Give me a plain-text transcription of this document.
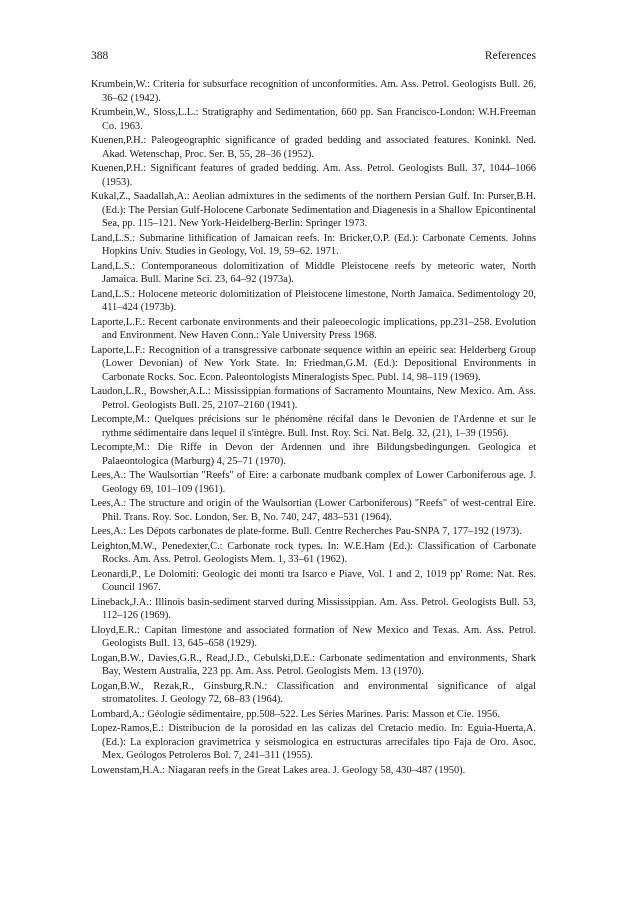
388	References
Krumbein,W.: Criteria for subsurface recognition of unconformities. Am. Ass. Petrol. Geologists Bull. 26, 36–62 (1942).
Krumbein,W., Sloss,L.L.: Stratigraphy and Sedimentation, 660 pp. San Francisco-London: W.H.Freeman Co. 1963.
Kuenen,P.H.: Paleogeographic significance of graded bedding and associated features. Koninkl. Ned. Akad. Wetenschap, Proc. Ser. B, 55, 28–36 (1952).
Kuenen,P.H.: Significant features of graded bedding. Am. Ass. Petrol. Geologists Bull. 37, 1044–1066 (1953).
Kukal,Z., Saadallah,A.: Aeolian admixtures in the sediments of the northern Persian Gulf. In: Purser,B.H. (Ed.): The Persian Gulf-Holocene Carbonate Sedimentation and Diagenesis in a Shallow Epicontinental Sea, pp. 115–121. New York-Heidelberg-Berlin: Springer 1973.
Land,L.S.: Submarine lithification of Jamaican reefs. In: Bricker,O.P. (Ed.): Carbonate Cements. Johns Hopkins Univ. Studies in Geology, Vol. 19, 59–62. 1971.
Land,L.S.: Contemporaneous dolomitization of Middle Pleistocene reefs by meteoric water, North Jamaica. Bull. Marine Sci. 23, 64–92 (1973a).
Land,L.S.: Holocene meteoric dolomitization of Pleistocene limestone, North Jamaica. Sedimentology 20, 411–424 (1973b).
Laporte,L.F.: Recent carbonate environments and their paleoecologic implications, pp.231–258. Evolution and Environment. New Haven Conn.: Yale University Press 1968.
Laporte,L.F.: Recognition of a transgressive carbonate sequence within an epeiric sea: Helderberg Group (Lower Devonian) of New York State. In: Friedman,G.M. (Ed.): Depositional Environments in Carbonate Rocks. Soc. Econ. Paleontologists Mineralogists Spec. Publ. 14, 98–119 (1969).
Laudon,L.R., Bowsher,A.L.: Mississippian formations of Sacramento Mountains, New Mexico. Am. Ass. Petrol. Geologists Bull. 25, 2107–2160 (1941).
Lecompte,M.: Quelques précisions sur le phénomène récifal dans le Devonien de l'Ardenne et sur le rythme sédimentaire dans lequel il s'intègre. Bull. Inst. Roy. Sci. Nat. Belg. 32, (21), 1–39 (1956).
Lecompte,M.: Die Riffe in Devon der Ardennen und ihre Bildungsbedingungen. Geologica et Palaeontologica (Marburg) 4, 25–71 (1970).
Lees,A.: The Waulsortian "Reefs" of Eire: a carbonate mudbank complex of Lower Carboniferous age. J. Geology 69, 101–109 (1961).
Lees,A.: The structure and origin of the Waulsortian (Lower Carboniferous) "Reefs" of west-central Eire. Phil. Trans. Roy. Soc. London, Ser. B, No. 740, 247, 483–531 (1964).
Lees,A.: Les Dépots carbonates de plate-forme. Bull. Centre Recherches Pau-SNPA 7, 177–192 (1973).
Leighton,M.W., Penedexter,C.: Carbonate rock types. In: W.E.Ham (Ed.): Classification of Carbonate Rocks. Am. Ass. Petrol. Geologists Mem. 1, 33–61 (1962).
Leonardi,P., Le Dolomiti: Geologic dei monti tra Isarco e Piave, Vol. 1 and 2, 1019 pp' Rome: Nat. Res. Council 1967.
Lineback,J.A.: Illinois basin-sediment starved during Mississippian. Am. Ass. Petrol. Geologists Bull. 53, 112–126 (1969).
Lloyd,E.R.: Capitan limestone and associated formation of New Mexico and Texas. Am. Ass. Petrol. Geologists Bull. 13, 645–658 (1929).
Logan,B.W., Davies,G.R., Read,J.D., Cebulski,D.E.: Carbonate sedimentation and environments, Shark Bay, Western Australia, 223 pp. Am. Ass. Petrol. Geologists Mem. 13 (1970).
Logan,B.W., Rezak,R., Ginsburg,R.N.: Classification and environmental significance of algal stromatolites. J. Geology 72, 68–83 (1964).
Lombard,A.: Géologie sédimentaire, pp.508–522. Les Séries Marines. Paris: Masson et Cie. 1956.
Lopez-Ramos,E.: Distribucion de la porosidad en las calizas del Cretacio medio. In: Eguia-Huerta,A. (Ed.): La exploracion gravimetrica y seismologica en estructuras arrecifales tipo Faja de Oro. Asoc. Mex. Geólogos Petroleros Bol. 7, 241–311 (1955).
Lowenstam,H.A.: Niagaran reefs in the Great Lakes area. J. Geology 58, 430–487 (1950).
